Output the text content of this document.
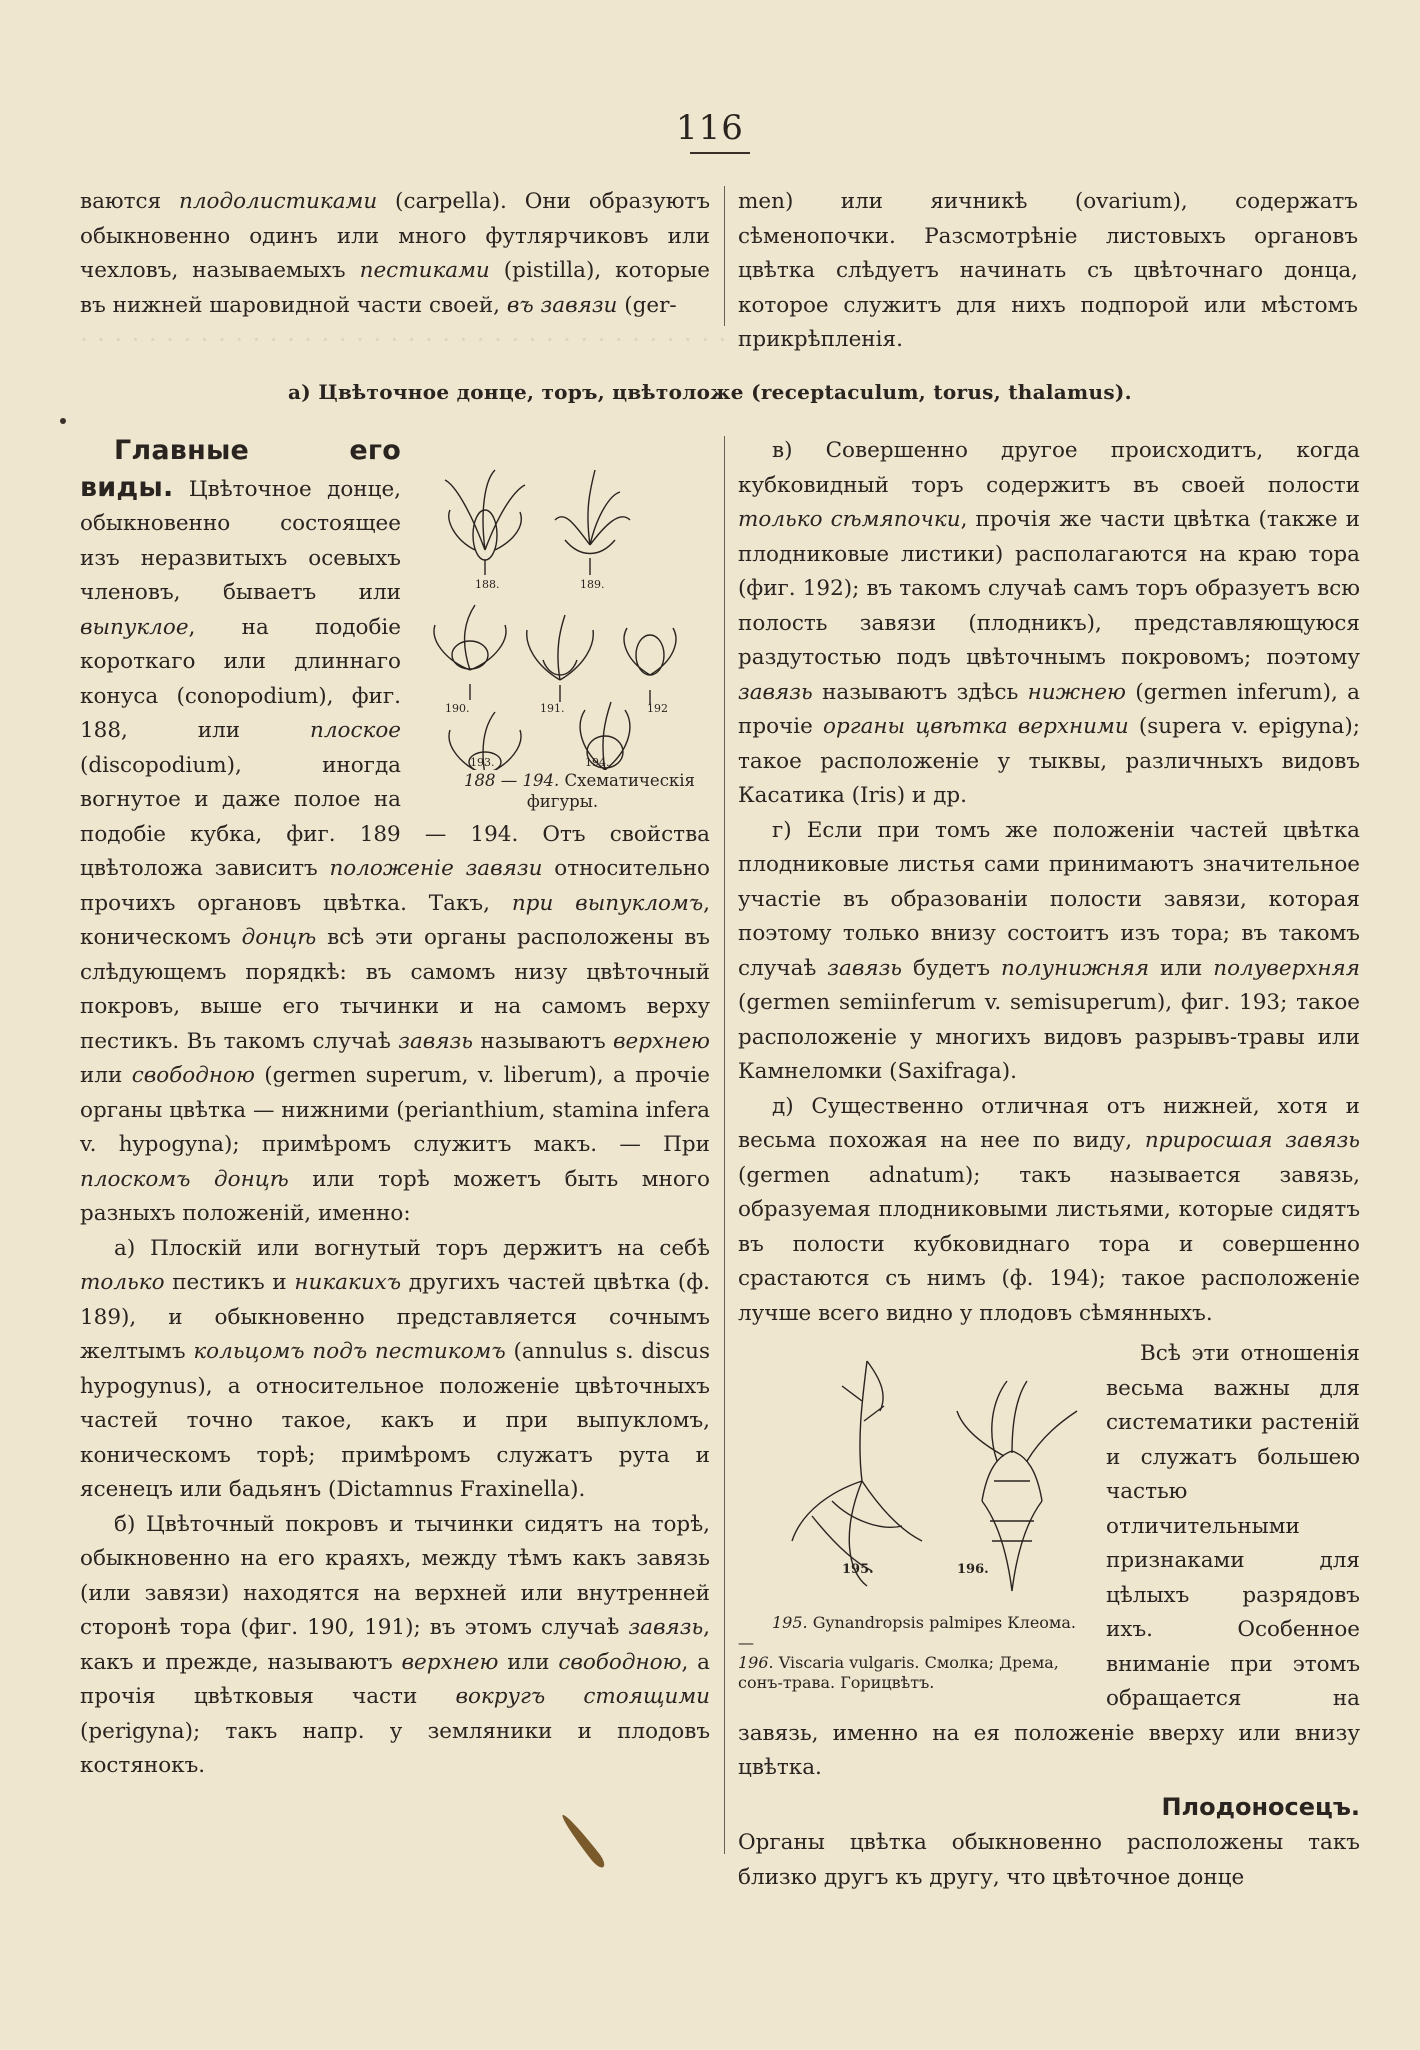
116
· · · · · · · · · · · · · · · · · · · · · · · · · · · · · · · · · · · · · · · ·

ваются плодолистиками (carpella). Они образуютъ обыкновенно одинъ или много футлярчиковъ или чехловъ, называемыхъ пестиками (pistilla), которые въ нижней шаровидной части своей, въ завязи (ger-

men) или яичникѣ (ovarium), содержатъ сѣменопочки. Разсмотрѣніе листовыхъ органовъ цвѣтка слѣдуетъ начинать съ цвѣточнаго донца, которое служитъ для нихъ подпорой или мѣстомъ прикрѣпленія.

а) Цвѣточное донце, торъ, цвѣтоложе (receptaculum, torus, thalamus).

188.	189.
190.	191.	192
193.	194.
188 — 194. Схематическія фигуры.
Главные его виды. Цвѣточное донце, обыкновенно состоящее изъ неразвитыхъ осевыхъ членовъ, бываетъ или выпуклое, на подобіе короткаго или длиннаго конуса (conopodium), фиг. 188, или плоское (discopodium), иногда вогнутое и даже полое на подобіе кубка, фиг. 189 — 194. Отъ свойства цвѣтоложа зависитъ положеніе завязи относительно прочихъ органовъ цвѣтка. Такъ, при выпукломъ, коническомъ донцѣ всѣ эти органы расположены въ слѣдующемъ порядкѣ: въ самомъ низу цвѣточный покровъ, выше его тычинки и на самомъ верху пестикъ. Въ такомъ случаѣ завязь называютъ верхнею или свободною (germen superum, v. liberum), а прочіе органы цвѣтка — нижними (perianthium, stamina infera v. hypogyna); примѣромъ служитъ макъ. — При плоскомъ донцѣ или торѣ можетъ быть много разныхъ положеній, именно:

а) Плоскій или вогнутый торъ держитъ на себѣ только пестикъ и никакихъ другихъ частей цвѣтка (ф. 189), и обыкновенно представляется сочнымъ желтымъ кольцомъ подъ пестикомъ (annulus s. discus hypogynus), а относительное положеніе цвѣточныхъ частей точно такое, какъ и при выпукломъ, коническомъ торѣ; примѣромъ служатъ рута и ясенецъ или бадьянъ (Dictamnus Fraxinella).

б) Цвѣточный покровъ и тычинки сидятъ на торѣ, обыкновенно на его краяхъ, между тѣмъ какъ завязь (или завязи) находятся на верхней или внутренней сторонѣ тора (фиг. 190, 191); въ этомъ случаѣ завязь, какъ и прежде, называютъ верхнею или свободною, а прочія цвѣтковыя части вокругъ стоящими (perigyna); такъ напр. у земляники и плодовъ костянокъ.

в) Совершенно другое происходитъ, когда кубковидный торъ содержитъ въ своей полости только сѣмяпочки, прочія же части цвѣтка (также и плодниковые листики) располагаются на краю тора (фиг. 192); въ такомъ случаѣ самъ торъ образуетъ всю полость завязи (плодникъ), представляющуюся раздутостью подъ цвѣточнымъ покровомъ; поэтому завязь называютъ здѣсь нижнею (germen inferum), а прочіе органы цвѣтка верхними (supera v. epigyna); такое расположеніе у тыквы, различныхъ видовъ Касатика (Iris) и др.

г) Если при томъ же положеніи частей цвѣтка плодниковые листья сами принимаютъ значительное участіе въ образованіи полости завязи, которая поэтому только внизу состоитъ изъ тора; въ такомъ случаѣ завязь будетъ полунижняя или полуверхняя (germen semiinferum v. semisuperum), фиг. 193; такое расположеніе у многихъ видовъ разрывъ-травы или Камнеломки (Saxifraga).

д) Существенно отличная отъ нижней, хотя и весьма похожая на нее по виду, приросшая завязь (germen adnatum); такъ называется завязь, образуемая плодниковыми листьями, которые сидятъ въ полости кубковиднаго тора и совершенно срастаются съ нимъ (ф. 194); такое расположеніе лучше всего видно у плодовъ сѣмянныхъ.

195.	196.
195. Gynandropsis palmipes Клеома.—
196. Viscaria vulgaris. Смолка; Дрема, сонъ-трава. Горицвѣтъ.
Всѣ эти отношенія весьма важны для систематики растеній и служатъ большею частью отличительными признаками для цѣлыхъ разрядовъ ихъ. Особенное вниманіе при этомъ обращается на завязь, именно на ея положеніе вверху или внизу цвѣтка.
Плодоносецъ.

Органы цвѣтка обыкновенно расположены такъ близко другъ къ другу, что цвѣточное донце
